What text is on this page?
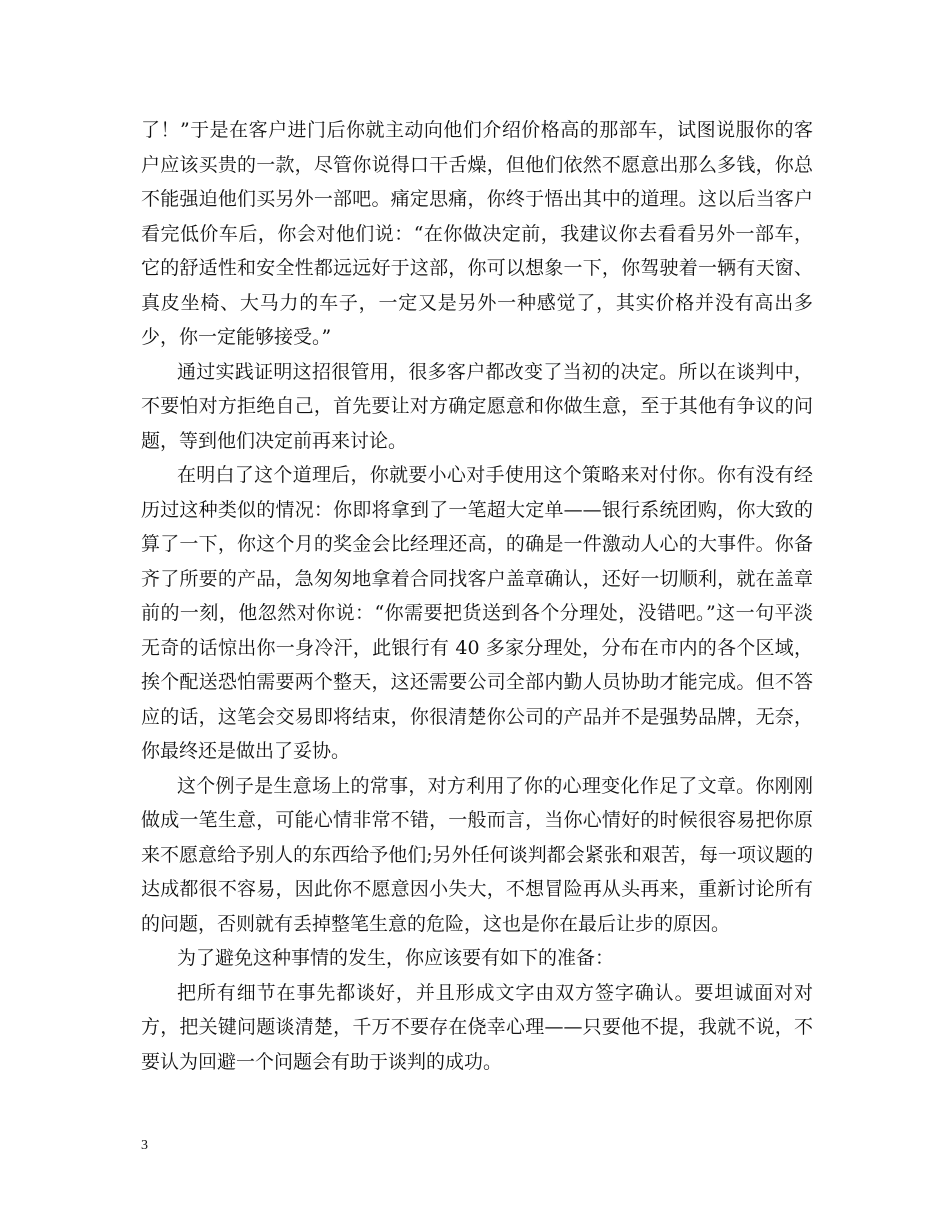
了！”于是在客户进门后你就主动向他们介绍价格高的那部车，试图说服你的客户应该买贵的一款，尽管你说得口干舌燥，但他们依然不愿意出那么多钱，你总不能强迫他们买另外一部吧。痛定思痛，你终于悟出其中的道理。这以后当客户看完低价车后，你会对他们说：“在你做决定前，我建议你去看看另外一部车，它的舒适性和安全性都远远好于这部，你可以想象一下，你驾驶着一辆有天窗、真皮坐椅、大马力的车子，一定又是另外一种感觉了，其实价格并没有高出多少，你一定能够接受。”

通过实践证明这招很管用，很多客户都改变了当初的决定。所以在谈判中，不要怕对方拒绝自己，首先要让对方确定愿意和你做生意，至于其他有争议的问题，等到他们决定前再来讨论。

在明白了这个道理后，你就要小心对手使用这个策略来对付你。你有没有经历过这种类似的情况：你即将拿到了一笔超大定单——银行系统团购，你大致的算了一下，你这个月的奖金会比经理还高，的确是一件激动人心的大事件。你备齐了所要的产品，急匆匆地拿着合同找客户盖章确认，还好一切顺利，就在盖章前的一刻，他忽然对你说：“你需要把货送到各个分理处，没错吧。”这一句平淡无奇的话惊出你一身冷汗，此银行有 40 多家分理处，分布在市内的各个区域，挨个配送恐怕需要两个整天，这还需要公司全部内勤人员协助才能完成。但不答应的话，这笔会交易即将结束，你很清楚你公司的产品并不是强势品牌，无奈，你最终还是做出了妥协。

这个例子是生意场上的常事，对方利用了你的心理变化作足了文章。你刚刚做成一笔生意，可能心情非常不错，一般而言，当你心情好的时候很容易把你原来不愿意给予别人的东西给予他们;另外任何谈判都会紧张和艰苦，每一项议题的达成都很不容易，因此你不愿意因小失大，不想冒险再从头再来，重新讨论所有的问题，否则就有丢掉整笔生意的危险，这也是你在最后让步的原因。

为了避免这种事情的发生，你应该要有如下的准备：

把所有细节在事先都谈好，并且形成文字由双方签字确认。要坦诚面对对方，把关键问题谈清楚，千万不要存在侥幸心理——只要他不提，我就不说，不要认为回避一个问题会有助于谈判的成功。

3
